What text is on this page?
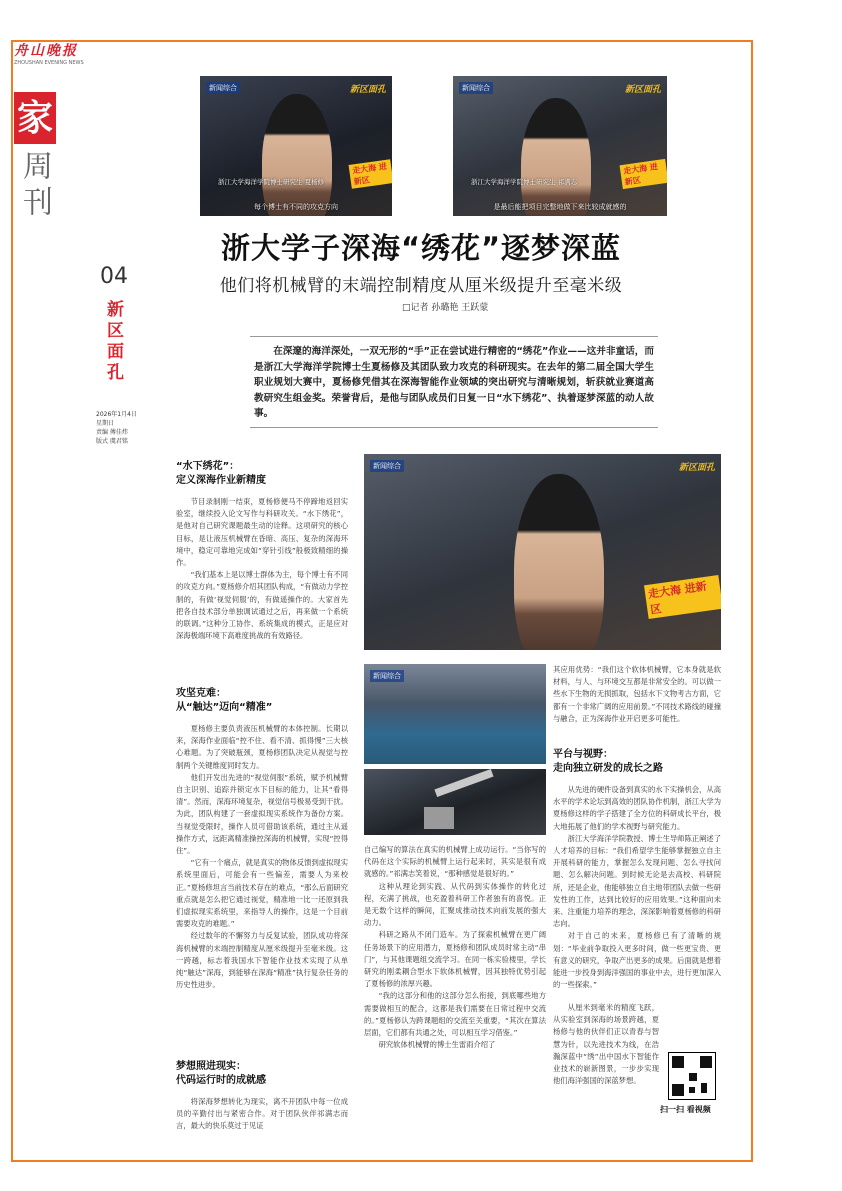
舟山晚报
ZHOUSHAN EVENING NEWS
家
周刊
04
新区面孔
2026年1月4日
星期日
责编 傅佳炜
版式 虞君铭
新闻综合	新区面孔
走大海 进新区
浙江大学海洋学院博士研究生 夏杨修
每个博士有不同的攻克方向
新闻综合	新区面孔
走大海 进新区
浙江大学海洋学院博士研究生 祁满志
是最后能把项目完整地做下来比较成就感的
浙大学子深海“绣花”逐梦深蓝
他们将机械臂的末端控制精度从厘米级提升至毫米级
□记者 孙璐艳 王跃蒙
在深邃的海洋深处，一双无形的“手”正在尝试进行精密的“绣花”作业——这并非童话，而是浙江大学海洋学院博士生夏杨修及其团队致力攻克的科研现实。在去年的第二届全国大学生职业规划大赛中，夏杨修凭借其在深海智能作业领域的突出研究与清晰规划，斩获就业赛道高教研究生组金奖。荣誉背后，是他与团队成员们日复一日“水下绣花”、执着逐梦深蓝的动人故事。
“水下绣花”：
定义深海作业新精度

节目录制刚一结束，夏杨修便马不停蹄地返回实验室，继续投入论文写作与科研攻关。“水下绣花”，是他对自己研究课题最生动的诠释。这项研究的核心目标，是让液压机械臂在昏暗、高压、复杂的深海环境中，稳定可靠地完成如“穿针引线”般极致精细的操作。

“我们基本上是以博士群体为主，每个博士有不同的攻克方向。”夏杨修介绍其团队构成，“有做动力学控制的，有做‘视觉伺服’的，有做遥操作的。大家首先把各自技术部分单独调试通过之后，再来做一个系统的联调。”这种分工协作、系统集成的模式，正是应对深海极端环境下高难度挑战的有效路径。

攻坚克难：
从“触达”迈向“精准”

夏杨修主要负责液压机械臂的本体控制。长期以来，深海作业面临“控不住、看不清、抓得慢”三大核心难题。为了突破瓶颈，夏杨修团队决定从视觉与控制两个关键维度同时发力。

他们开发出先进的“视觉伺服”系统，赋予机械臂自主识别、追踪并锁定水下目标的能力，让其“看得清”。然而，深海环境复杂，视觉信号极易受到干扰。为此，团队构建了一套虚拟现实系统作为备份方案。当视觉受限时，操作人员可借助该系统，通过主从遥操作方式，远距离精准操控深海的机械臂，实现“控得住”。

“它有一个痛点，就是真实的物体反馈到虚拟现实系统里面后，可能会有一些偏差，需要人为来校正。”夏杨修坦言当前技术存在的难点，“那么后面研究重点就是怎么把它通过视觉，精准地一比一还原到我们虚拟现实系统里，来指导人的操作，这是一个目前需要攻克的难题。”

经过数年的不懈努力与反复试验，团队成功将深海机械臂的末端控制精度从厘米级提升至毫米级。这一跨越，标志着我国水下智能作业技术实现了从单纯“触达”深海，到能够在深海“精准”执行复杂任务的历史性进步。

梦想照进现实：
代码运行时的成就感

将深海梦想转化为现实，离不开团队中每一位成员的辛勤付出与紧密合作。对于团队伙伴祁满志而言，最大的快乐莫过于见证

新闻综合	新区面孔
走大海 进新区
新闻综合

自己编写的算法在真实的机械臂上成功运行。“当你写的代码在这个实际的机械臂上运行起来时，其实是很有成就感的。”祁满志笑着说，“那种感觉是很好的。”

这种从理论到实践、从代码到实体操作的转化过程，充满了挑战，也充盈着科研工作者独有的喜悦。正是无数个这样的瞬间，汇聚成推动技术向前发展的强大动力。

科研之路从不闭门造车。为了探索机械臂在更广阔任务场景下的应用潜力，夏杨修和团队成员时常主动“串门”，与其他课题组交流学习。在同一栋实验楼里，学长研究的刚柔耦合型水下软体机械臂，因其独特优势引起了夏杨修的浓厚兴趣。

“我的这部分和他的这部分怎么衔接，到底哪些地方需要做相互的配合，这都是我们需要在日常过程中交流的。”夏杨修认为跨课题组的交流至关重要，“其次在算法层面，它们都有共通之处，可以相互学习借鉴。”

研究软体机械臂的博士生雷雨介绍了

其应用优势：“我们这个软体机械臂，它本身就是软材料，与人、与环境交互都是非常安全的。可以做一些水下生物的无损抓取，包括水下文物考古方面，它都有一个非常广阔的应用前景。”不同技术路线的碰撞与融合，正为深海作业开启更多可能性。

平台与视野：
走向独立研发的成长之路

从先进的硬件设备到真实的水下实操机会，从高水平的学术论坛到高效的团队协作机制，浙江大学为夏杨修这样的学子搭建了全方位的科研成长平台，极大地拓展了他们的学术视野与研究能力。

浙江大学海洋学院教授、博士生导师陈正阐述了人才培养的目标：“我们希望学生能够掌握独立自主开展科研的能力，掌握怎么发现问题、怎么寻找问题、怎么解决问题。到时候无论是去高校、科研院所，还是企业，他能够独立自主地带团队去做一些研发性的工作，达到比较好的应用效果。”这种面向未来、注重能力培养的理念，深深影响着夏杨修的科研志向。

对于自己的未来，夏杨修已有了清晰的规划：“毕业前争取投入更多时间，做一些更宝贵、更有意义的研究，争取产出更多的成果。后面就是想着能进一步投身到海洋强国的事业中去，进行更加深入的一些探索。”

从厘米到毫米的精度飞跃，从实验室到深海的场景跨越，夏杨修与他的伙伴们正以青春与智慧为针，以先进技术为线，在浩瀚深蓝中“绣”出中国水下智能作业技术的崭新图景，一步步实现他们海洋强国的深蓝梦想。

扫一扫 看视频
